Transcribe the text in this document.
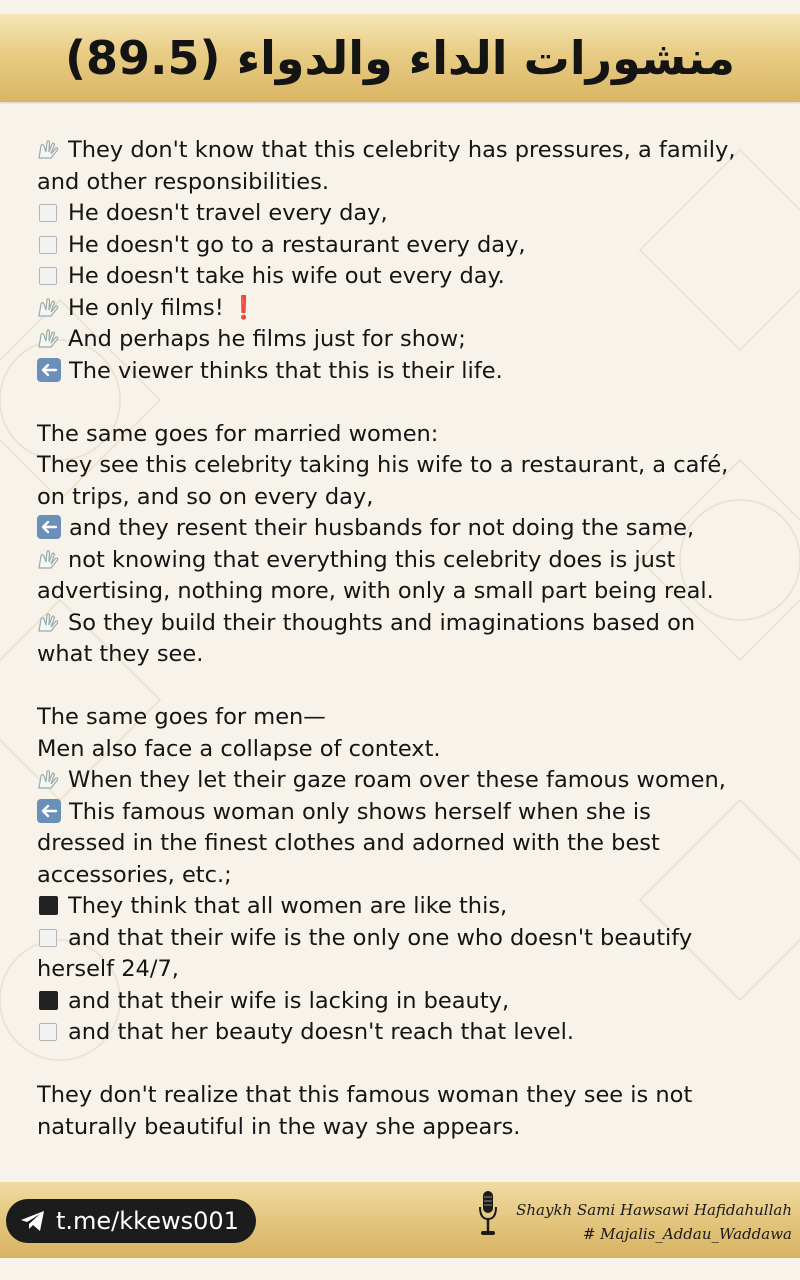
منشورات الداء والدواء (89.5)
They don't know that this celebrity has pressures, a family,
and other responsibilities.
He doesn't travel every day,
He doesn't go to a restaurant every day,
He doesn't take his wife out every day.
He only films! ❗
And perhaps he films just for show;
The viewer thinks that this is their life.
The same goes for married women:
They see this celebrity taking his wife to a restaurant, a café,
on trips, and so on every day,
and they resent their husbands for not doing the same,
not knowing that everything this celebrity does is just
advertising, nothing more, with only a small part being real.
So they build their thoughts and imaginations based on
what they see.
The same goes for men—
Men also face a collapse of context.
When they let their gaze roam over these famous women,
This famous woman only shows herself when she is
dressed in the finest clothes and adorned with the best
accessories, etc.;
They think that all women are like this,
and that their wife is the only one who doesn't beautify
herself 24/7,
and that their wife is lacking in beauty,
and that her beauty doesn't reach that level.
They don't realize that this famous woman they see is not
naturally beautiful in the way she appears.
t.me/kkews001	Shaykh Sami Hawsawi Hafidahullah
# Majalis_Addau_Waddawa
